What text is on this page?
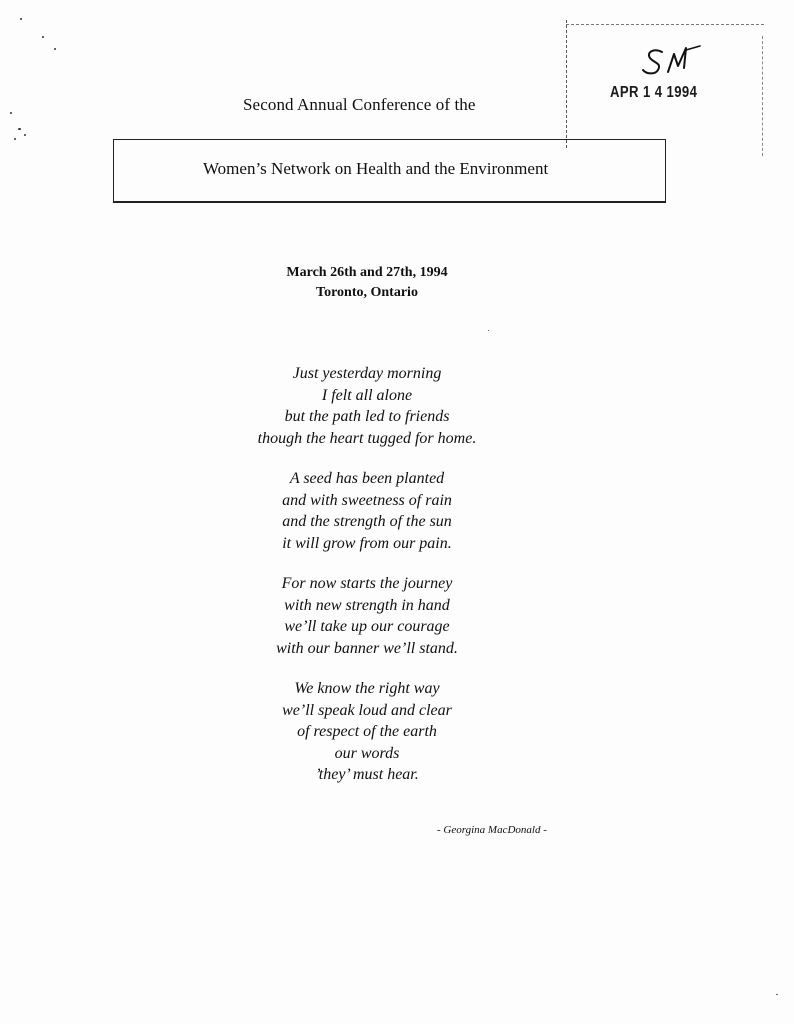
APR 1 4 1994
Second Annual Conference of the
Women’s Network on Health and the Environment
March 26th and 27th, 1994
Toronto, Ontario
Just yesterday morning
I felt all alone
but the path led to friends
though the heart tugged for home.
A seed has been planted
and with sweetness of rain
and the strength of the sun
it will grow from our pain.
For now starts the journey
with new strength in hand
we’ll take up our courage
with our banner we’ll stand.
We know the right way
we’ll speak loud and clear
of respect of the earth
our words
’they’ must hear.
- Georgina MacDonald -
